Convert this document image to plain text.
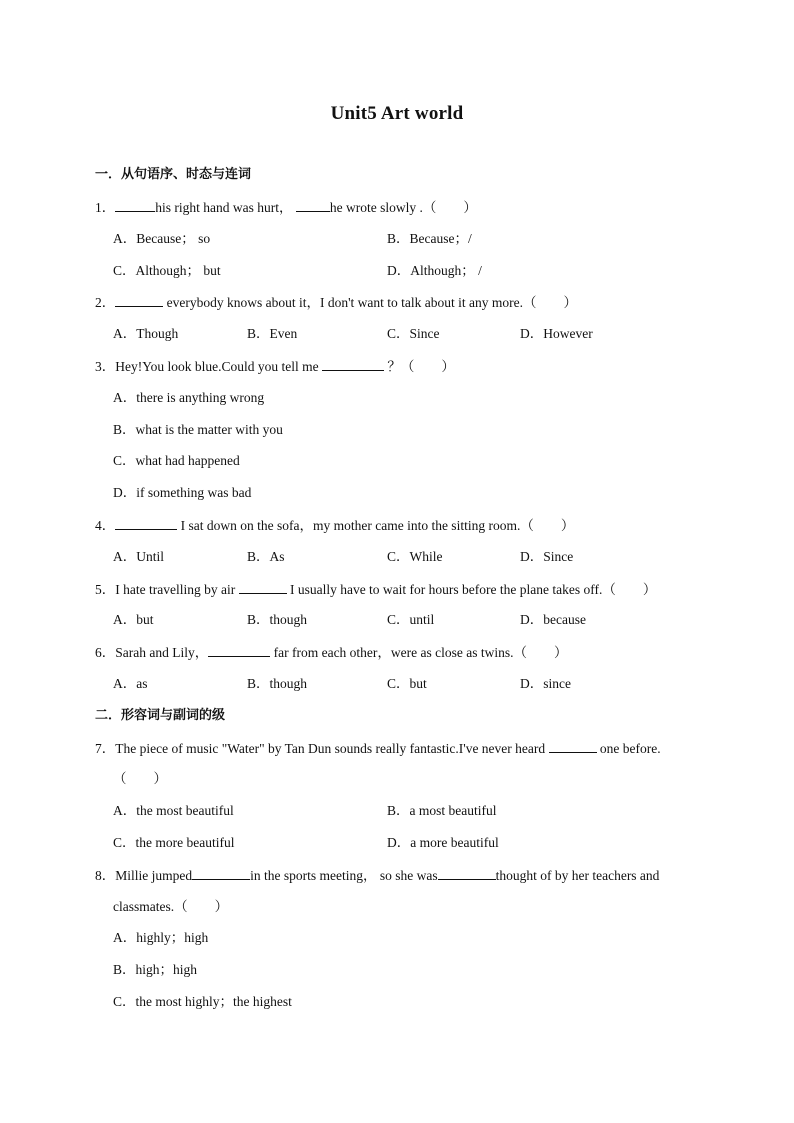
Unit5 Art world
一．从句语序、时态与连词
1．	his right hand was hurt，	he wrote slowly .（　　）
A．Because； so	B．Because；/
C．Although； but	D．Although； /
2．	everybody knows about it，I don't want to talk about it any more.（　　）
A．Though	B．Even	C．Since	D．However
3．Hey!You look blue.Could you tell me	？（　　）
A．there is anything wrong
B．what is the matter with you
C．what had happened
D．if something was bad
4．	I sat down on the sofa，my mother came into the sitting room.（　　）
A．Until	B．As	C．While	D．Since
5．I hate travelling by air	I usually have to wait for hours before the plane takes off.（　　）
A．but	B．though	C．until	D．because
6．Sarah and Lily，	far from each other，were as close as twins.（　　）
A．as	B．though	C．but	D．since
二．形容词与副词的级
7．The piece of music "Water" by Tan Dun sounds really fantastic.I've never heard	one before.
（　　）
A．the most beautiful	B．a most beautiful
C．the more beautiful	D．a more beautiful
8．Millie jumped	in the sports meeting， so she was	thought of by her teachers and
classmates.（　　）
A．highly；high
B．high；high
C．the most highly；the highest
